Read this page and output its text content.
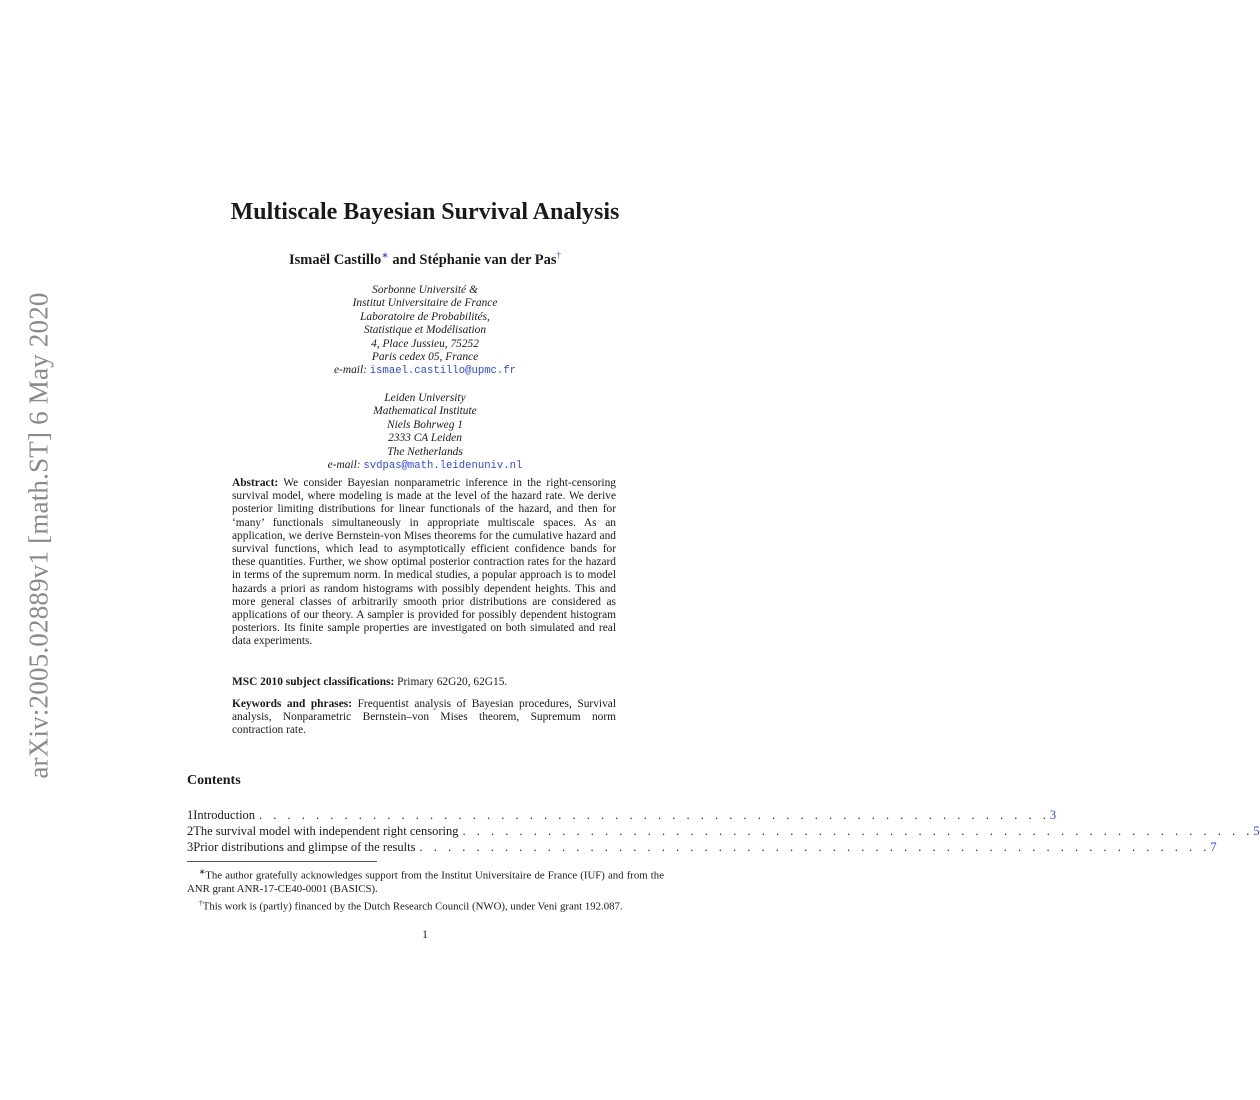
arXiv:2005.02889v1 [math.ST] 6 May 2020
Multiscale Bayesian Survival Analysis
Ismaël Castillo∗ and Stéphanie van der Pas†
Sorbonne Université &
Institut Universitaire de France
Laboratoire de Probabilités,
Statistique et Modélisation
4, Place Jussieu, 75252
Paris cedex 05, France
e-mail: ismael.castillo@upmc.fr
Leiden University
Mathematical Institute
Niels Bohrweg 1
2333 CA Leiden
The Netherlands
e-mail: svdpas@math.leidenuniv.nl
Abstract: We consider Bayesian nonparametric inference in the right-censoring survival model, where modeling is made at the level of the hazard rate. We derive posterior limiting distributions for linear functionals of the hazard, and then for ‘many’ functionals simultaneously in appropriate multiscale spaces. As an application, we derive Bernstein-von Mises theorems for the cumulative hazard and survival functions, which lead to asymptotically efficient confidence bands for these quantities. Further, we show optimal posterior contraction rates for the hazard in terms of the supremum norm. In medical studies, a popular approach is to model hazards a priori as random histograms with possibly dependent heights. This and more general classes of arbitrarily smooth prior distributions are considered as applications of our theory. A sampler is provided for possibly dependent histogram posteriors. Its finite sample properties are investigated on both simulated and real data experiments.
MSC 2010 subject classifications: Primary 62G20, 62G15.
Keywords and phrases: Frequentist analysis of Bayesian procedures, Survival analysis, Nonparametric Bernstein–von Mises theorem, Supremum norm contraction rate.
Contents
1 Introduction . . . . . . . . . . . . . . . . . . . . . . . . . . . . . . . . . . . . . . . . . . . . . . . . . . . . . . . . 3
2 The survival model with independent right censoring . . . . . . . . . . . . . . . . . . . . . . . . . . . . . . . . . . . . . . . . . . . . . . . . . . . . . . . . 5
3 Prior distributions and glimpse of the results . . . . . . . . . . . . . . . . . . . . . . . . . . . . . . . . . . . . . . . . . . . . . . . . . . . . . . . . 7

∗The author gratefully acknowledges support from the Institut Universitaire de France (IUF) and from the ANR grant ANR-17-CE40-0001 (BASICS).

†This work is (partly) financed by the Dutch Research Council (NWO), under Veni grant 192.087.

1
